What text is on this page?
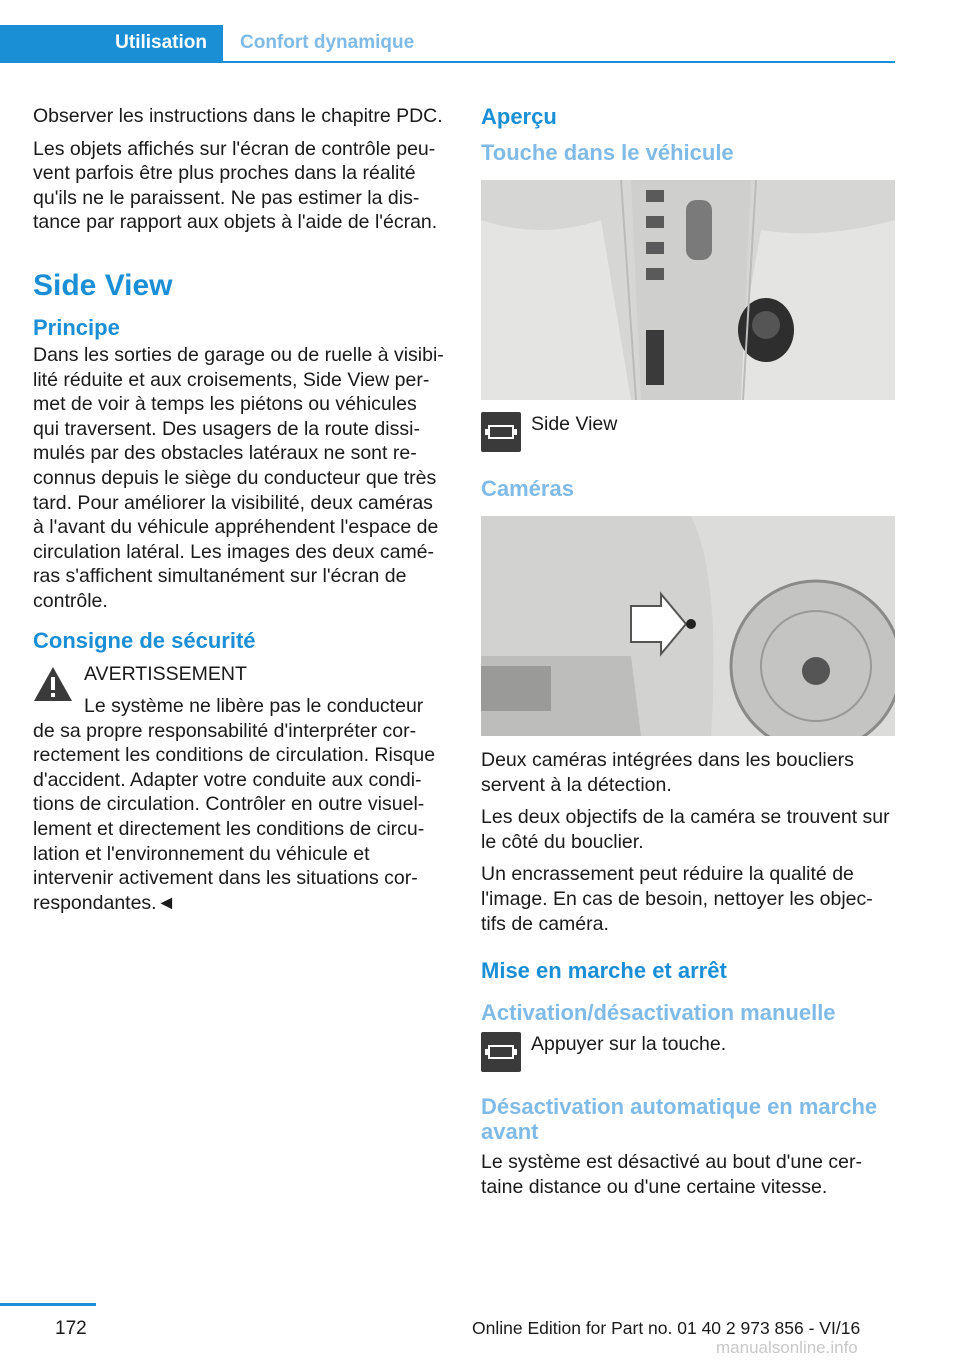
Utilisation	Confort dynamique

Observer les instructions dans le chapitre PDC.

Les objets affichés sur l'écran de contrôle peu-vent parfois être plus proches dans la réalité qu'ils ne le paraissent. Ne pas estimer la dis-tance par rapport aux objets à l'aide de l'écran.

Side View
Principe

Dans les sorties de garage ou de ruelle à visibi-lité réduite et aux croisements, Side View per-met de voir à temps les piétons ou véhicules qui traversent. Des usagers de la route dissi-mulés par des obstacles latéraux ne sont re-connus depuis le siège du conducteur que très tard. Pour améliorer la visibilité, deux caméras à l'avant du véhicule appréhendent l'espace de circulation latéral. Les images des deux camé-ras s'affichent simultanément sur l'écran de contrôle.

Consigne de sécurité
AVERTISSEMENT
Le système ne libère pas le conducteur
de sa propre responsabilité d'interpréter cor-rectement les conditions de circulation. Risque d'accident. Adapter votre conduite aux condi-tions de circulation. Contrôler en outre visuel-lement et directement les conditions de circu-lation et l'environnement du véhicule et intervenir activement dans les situations cor-respondantes.◄
Aperçu
Touche dans le véhicule
Side View
Caméras

Deux caméras intégrées dans les boucliers servent à la détection.

Les deux objectifs de la caméra se trouvent sur le côté du bouclier.

Un encrassement peut réduire la qualité de l'image. En cas de besoin, nettoyer les objec-tifs de caméra.

Mise en marche et arrêt
Activation/désactivation manuelle
Appuyer sur la touche.
Désactivation automatique en marche avant

Le système est désactivé au bout d'une cer-taine distance ou d'une certaine vitesse.

172	Online Edition for Part no. 01 40 2 973 856 - VI/16
manualsonline.info
